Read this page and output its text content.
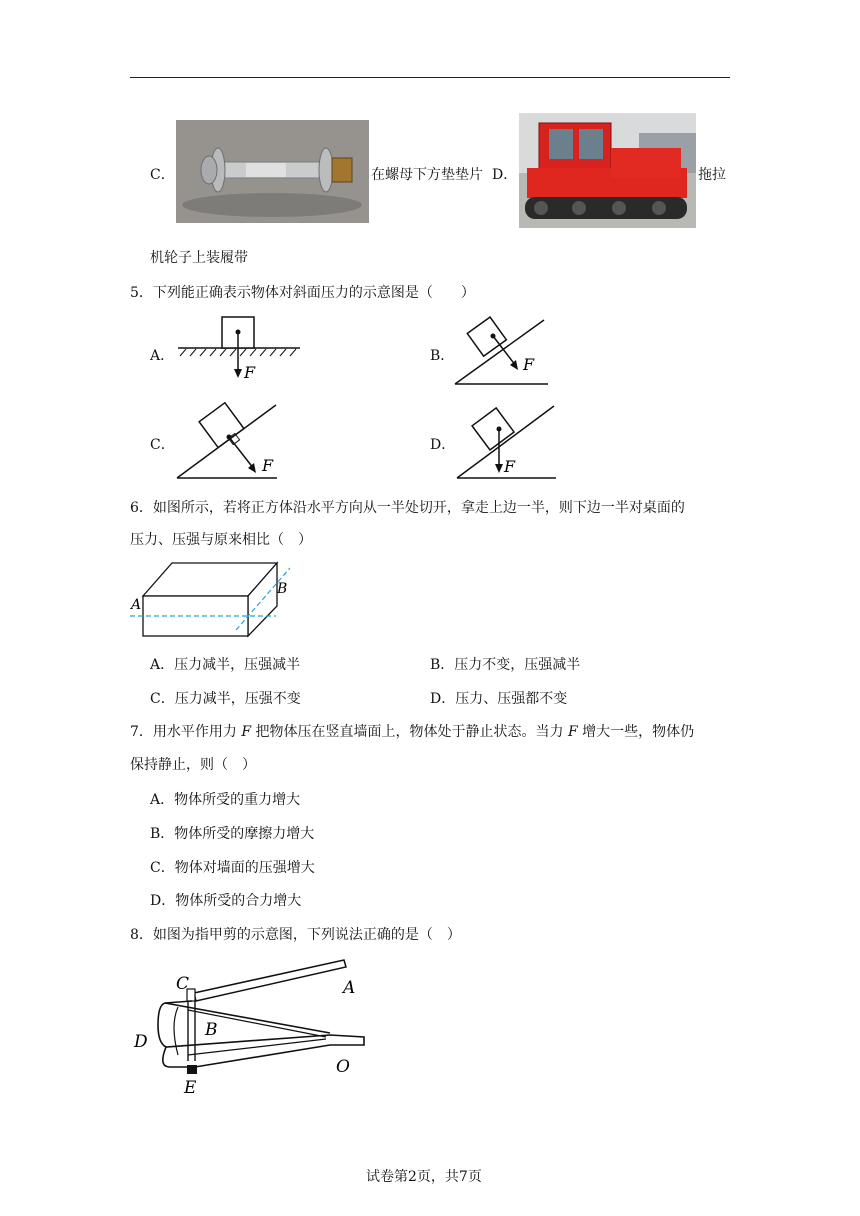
C．	在螺母下方垫垫片 D．	拖拉
机轮子上装履带
5．下列能正确表示物体对斜面压力的示意图是（　　）
A．
F
B．	F
C．
F
D．
F
6．如图所示，若将正方体沿水平方向从一半处切开，拿走上边一半，则下边一半对桌面的
压力、压强与原来相比（　）
A
B
A．压力减半，压强减半	B．压力不变，压强减半
C．压力减半，压强不变	D．压力、压强都不变
7．用水平作用力 F 把物体压在竖直墙面上，物体处于静止状态。当力 F 增大一些，物体仍
保持静止，则（　）
A．物体所受的重力增大
B．物体所受的摩擦力增大
C．物体对墙面的压强增大
D．物体所受的合力增大
8．如图为指甲剪的示意图，下列说法正确的是（　）
C	A
D
B
O
E
试卷第2页，共7页
